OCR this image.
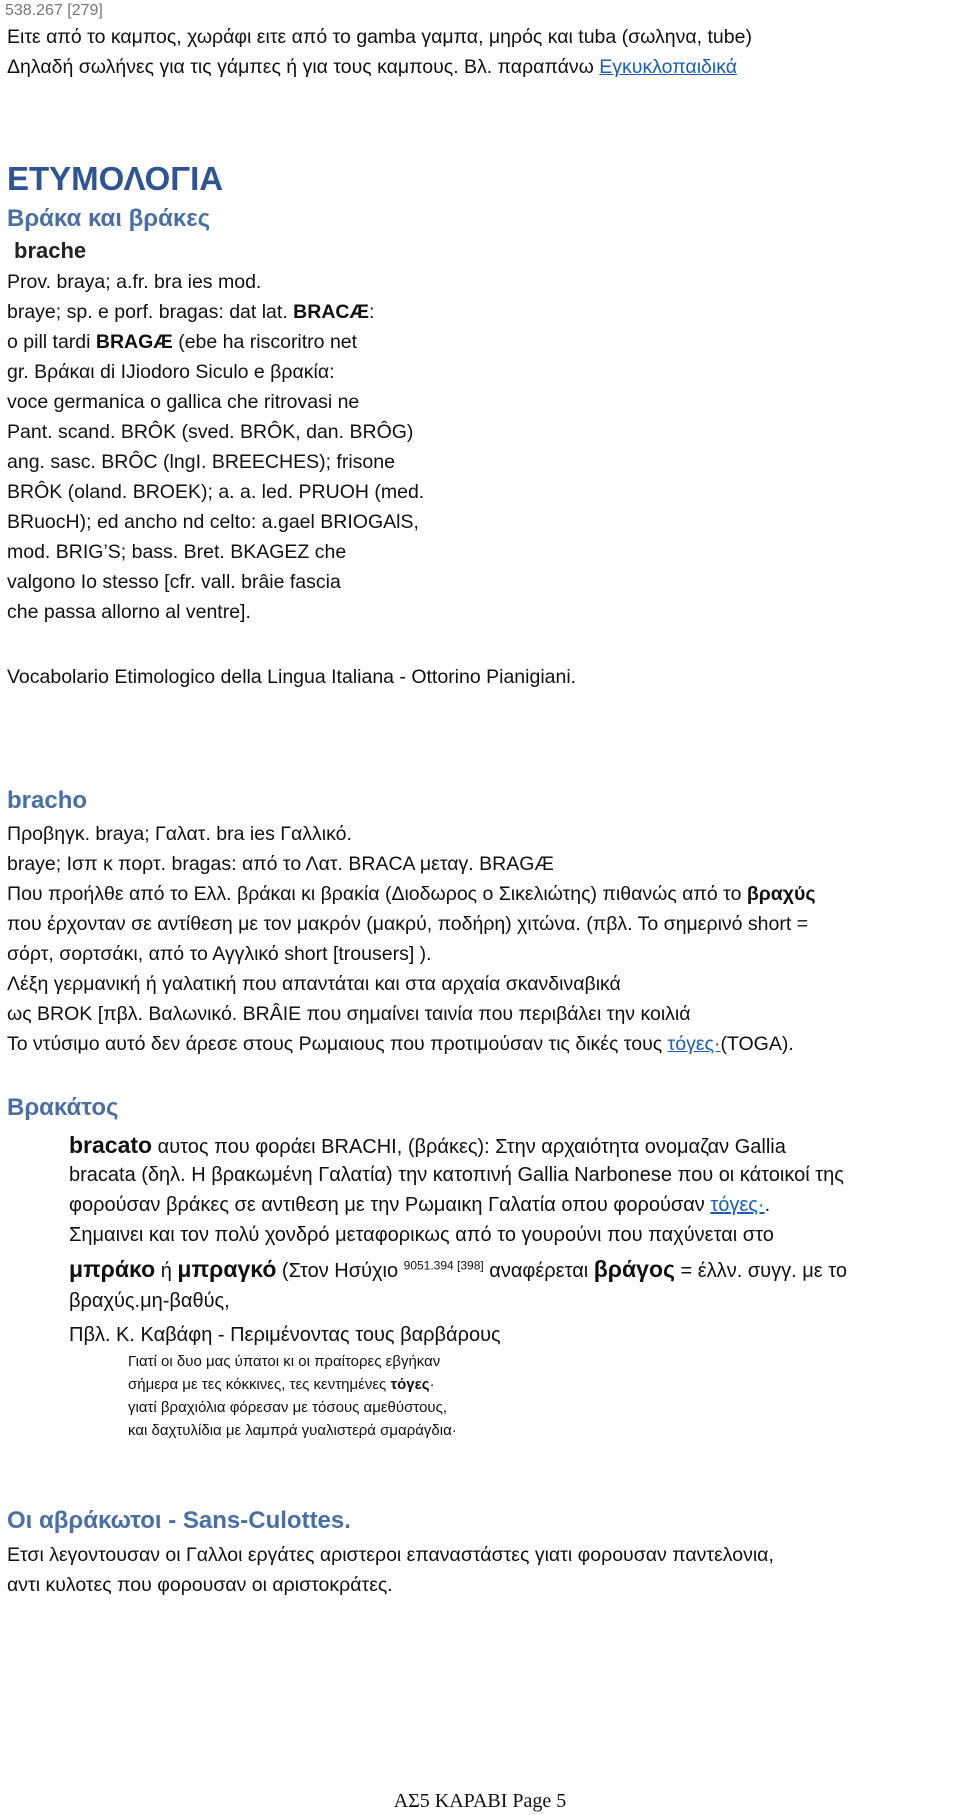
538.267 [279]
Ειτε από το καμπος, χωράφι ειτε από το gamba γαμπα, μηρός και tuba (σωληνα, tube)
Δηλαδή σωλήνες για τις γάμπες ή για τους καμπους. Βλ. παραπάνω Εγκυκλοπαιδικά
ΕΤΥΜΟΛΟΓΙΑ
Βράκα και βράκες
brache
Prov. braya; a.fr. bra ies mod.
braye; sp. e porf. bragas: dat lat. BRACÆ:
o pill tardi BRAGÆ (ebe ha riscoritro net
gr. Βράκαι di IJiodoro Siculo e βρακία:
voce germanica o gallica che ritrovasi ne
Pant. scand. BRÔK (sved. BRÔK, dan. BRÔG)
ang. sasc. BRÔC (lngI. BREECHES); frisone
BRÔK (oland. BROEK); a. a. led. PRUOH (med.
BRuocH); ed ancho nd celto: a.gael BRIOGAlS,
mod. BRIG’S; bass. Bret. BKAGEZ che
valgono Io stesso [cfr. vall. brâie fascia
che passa allorno al ventre].
Vocabolario Etimologico della Lingua Italiana - Ottorino Pianigiani.
bracho
Προβηγκ. braya; Γαλατ. bra ies Γαλλικό.
braye; Ισπ κ πορτ. bragas: από το Λατ. BRACA μεταγ. BRAGÆ
Που προήλθε από το Ελλ. βράκαι κι βρακία (Διοδωρος ο Σικελιώτης) πιθανώς από το βραχύς
που έρχονταν σε αντίθεση με τον μακρόν (μακρύ, ποδήρη) χιτώνα. (πβλ. Το σημερινό short =
σόρτ, σορτσάκι, από το Αγγλικό short [trousers] ).
Λέξη γερμανική ή γαλατική που απαντάται και στα αρχαία σκανδιναβικά
ως BROK [πβλ. Βαλωνικό. BRÂIE που σημαίνει ταινία που περιβάλει την κοιλιά
Το ντύσιμο αυτό δεν άρεσε στους Ρωμαιους που προτιμούσαν τις δικές τους τόγες·(TOGA).
Βρακάτος
bracato αυτος που φοράει BRACHI, (βράκες): Στην αρχαιότητα ονομαζαν Gallia
bracata (δηλ. Η βρακωμένη Γαλατία) την κατοπινή Gallia Narbonese που οι κάτοικοί της
φορούσαν βράκες σε αντιθεση με την Ρωμαικη Γαλατία οπου φορούσαν τόγες·.
Σημαινει και τον πολύ χονδρό μεταφορικως από το γουρούνι που παχύνεται στο
μπράκο ή μπραγκό (Στον Ησύχιο $^{9051.394 [398]}$ αναφέρεται βράγος = έλλν. συγγ. με το
βραχύς.μη-βαθύς,
Πβλ. Κ. Καβάφη - Περιμένοντας τους βαρβάρους
Γιατί οι δυο μας ύπατοι κι οι πραίτορες εβγήκαν
σήμερα με τες κόκκινες, τες κεντημένες τόγες·
γιατί βραχιόλια φόρεσαν με τόσους αμεθύστους,
και δαχτυλίδια με λαμπρά γυαλιστερά σμαράγδια·
Οι αβράκωτοι - Sans-Culottes.
Ετσι λεγοντουσαν οι Γαλλοι εργάτες αριστεροι επαναστάστες γιατι φορουσαν παντελονια,
αντι κυλοτες που φορουσαν οι αριστοκράτες.
ΑΣ5 ΚΑΡΑΒΙ Page 5
